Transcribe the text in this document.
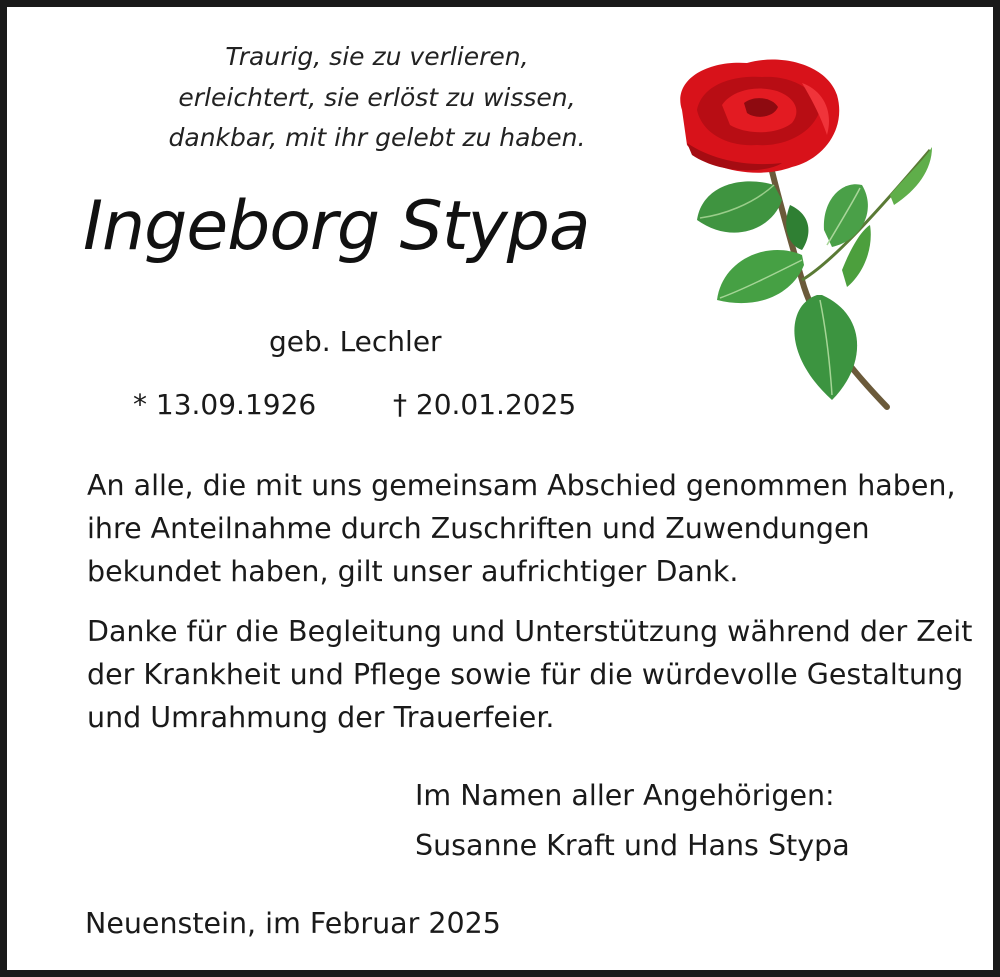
Traurig, sie zu verlieren,
erleichtert, sie erlöst zu wissen,
dankbar, mit ihr gelebt zu haben.
Ingeborg Stypa
geb. Lechler
* 13.09.1926	† 20.01.2025
An alle, die mit uns gemeinsam Abschied genommen haben,
ihre Anteilnahme durch Zuschriften und Zuwendungen
bekundet haben, gilt unser aufrichtiger Dank.
Danke für die Begleitung und Unterstützung während der Zeit
der Krankheit und Pflege sowie für die würdevolle Gestaltung
und Umrahmung der Trauerfeier.
Im Namen aller Angehörigen:
Susanne Kraft und Hans Stypa
Neuenstein, im Februar 2025
